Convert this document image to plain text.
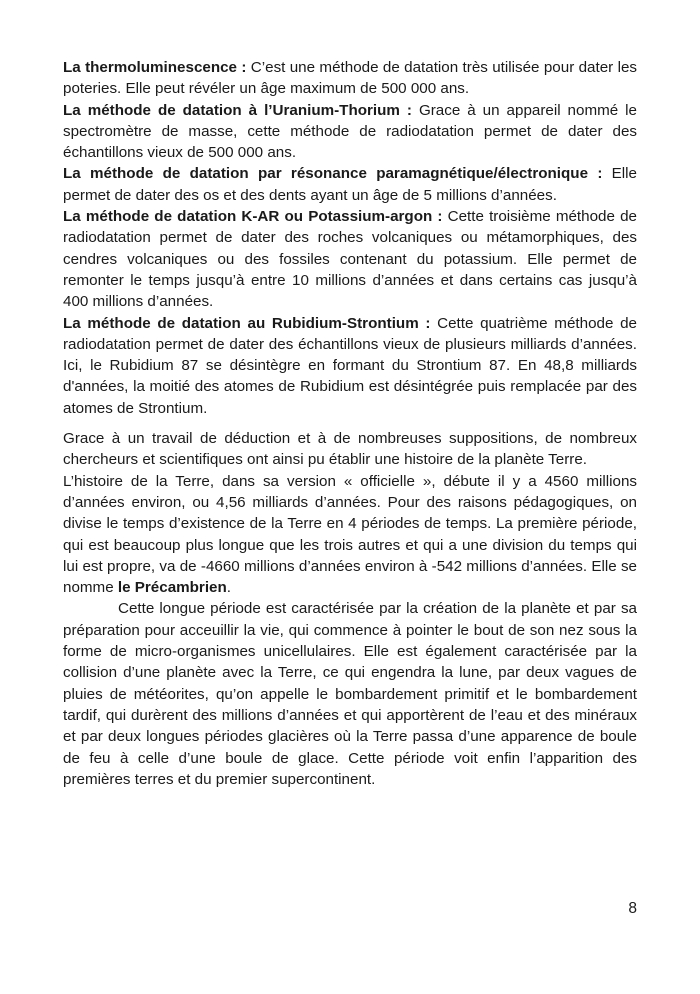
La thermoluminescence : C’est une méthode de datation très utilisée pour dater les poteries. Elle peut révéler un âge maximum de 500 000 ans.

La méthode de datation à l’Uranium-Thorium : Grace à un appareil nommé le spectromètre de masse, cette méthode de radiodatation permet de dater des échantillons vieux de 500 000 ans.

La méthode de datation par résonance paramagnétique/électronique : Elle permet de dater des os et des dents ayant un âge de 5 millions d’années.

La méthode de datation K-AR ou Potassium-argon : Cette troisième méthode de radiodatation permet de dater des roches volcaniques ou métamorphiques, des cendres volcaniques ou des fossiles contenant du potassium. Elle permet de remonter le temps jusqu’à entre 10 millions d’années et dans certains cas jusqu’à 400 millions d’années.

La méthode de datation au Rubidium-Strontium : Cette quatrième méthode de radiodatation permet de dater des échantillons vieux de plusieurs milliards d’années. Ici, le Rubidium 87 se désintègre en formant du Strontium 87. En 48,8 milliards d'années, la moitié des atomes de Rubidium est désintégrée puis remplacée par des atomes de Strontium.

Grace à un travail de déduction et à de nombreuses suppositions, de nombreux chercheurs et scientifiques ont ainsi pu établir une histoire de la planète Terre.

L’histoire de la Terre, dans sa version « officielle », débute il y a 4560 millions d’années environ, ou 4,56 milliards d’années. Pour des raisons pédagogiques, on divise le temps d’existence de la Terre en 4 périodes de temps. La première période, qui est beaucoup plus longue que les trois autres et qui a une division du temps qui lui est propre, va de -4660 millions d’années environ à -542 millions d’années. Elle se nomme le Précambrien.

Cette longue période est caractérisée par la création de la planète et par sa préparation pour acceuillir la vie, qui commence à pointer le bout de son nez sous la forme de micro-organismes unicellulaires. Elle est également caractérisée par la collision d’une planète avec la Terre, ce qui engendra la lune, par deux vagues de pluies de météorites, qu’on appelle le bombardement primitif et le bombardement tardif, qui durèrent des millions d’années et qui apportèrent de l’eau et des minéraux et par deux longues périodes glacières où la Terre passa d’une apparence de boule de feu à celle d’une boule de glace. Cette période voit enfin l’apparition des premières terres et du premier supercontinent.

8
